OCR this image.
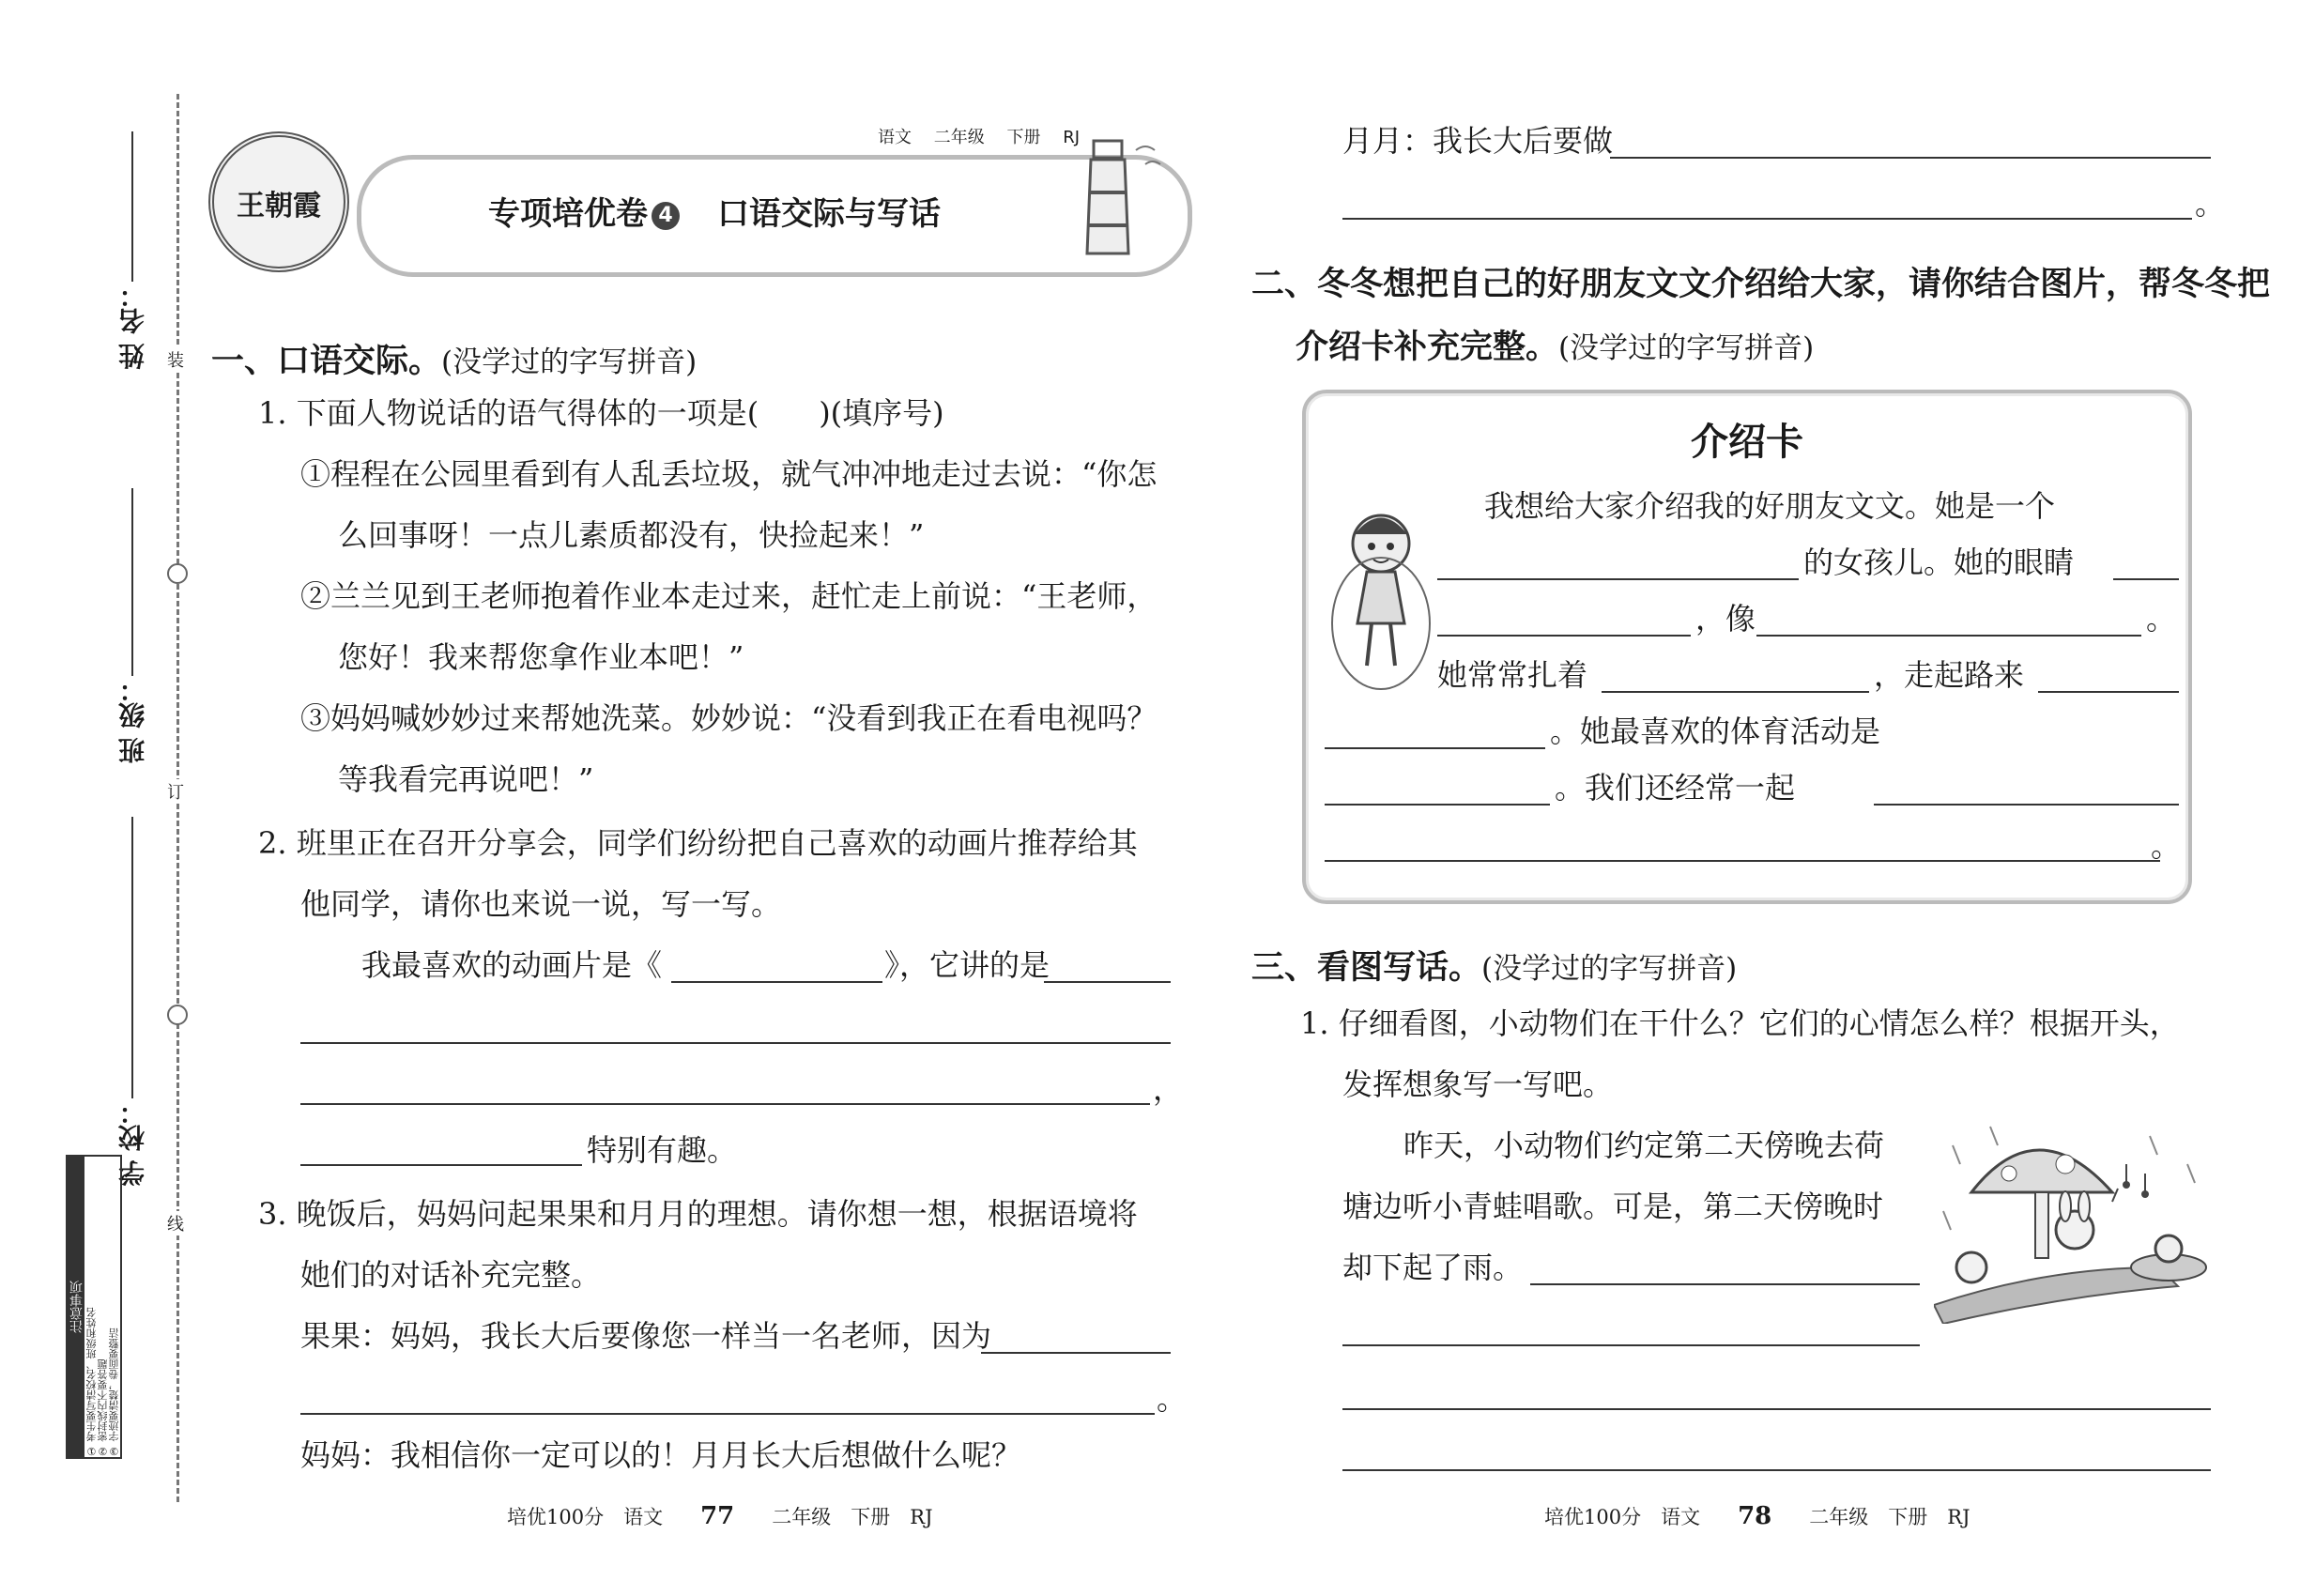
姓 名：
班 级：
学 校：
装
订
线
注意事项
① 考生要写清校名、班级和姓名 ② 密封线内不要答题 ③ 字迹要清楚，卷面要整洁
语文 二年级 下册 RJ
王朝霞	专项培优卷 4 口语交际与写话
一、口语交际。(没学过的字写拼音)
1. 下面人物说话的语气得体的一项是(　　)(填序号)
①程程在公园里看到有人乱丢垃圾，就气冲冲地走过去说：“你怎
么回事呀！一点儿素质都没有，快捡起来！”
②兰兰见到王老师抱着作业本走过来，赶忙走上前说：“王老师，
您好！我来帮您拿作业本吧！”
③妈妈喊妙妙过来帮她洗菜。妙妙说：“没看到我正在看电视吗？
等我看完再说吧！”
2. 班里正在召开分享会，同学们纷纷把自己喜欢的动画片推荐给其
他同学，请你也来说一说，写一写。
我最喜欢的动画片是《	》，它讲的是
，
特别有趣。
3. 晚饭后，妈妈问起果果和月月的理想。请你想一想，根据语境将
她们的对话补充完整。
果果：妈妈，我长大后要像您一样当一名老师，因为
。
妈妈：我相信你一定可以的！月月长大后想做什么呢？
培优100分　语文 77 二年级　下册　RJ
月月：我长大后要做
。
二、冬冬想把自己的好朋友文文介绍给大家，请你结合图片，帮冬冬把
介绍卡补充完整。(没学过的字写拼音)
介绍卡
我想给大家介绍我的好朋友文文。她是一个
的女孩儿。她的眼睛
，像	。
她常常扎着	，走起路来
。她最喜欢的体育活动是
。我们还经常一起
。
三、看图写话。(没学过的字写拼音)
1. 仔细看图，小动物们在干什么？它们的心情怎么样？根据开头，
发挥想象写一写吧。
昨天，小动物们约定第二天傍晚去荷
塘边听小青蛙唱歌。可是，第二天傍晚时
却下起了雨。
培优100分　语文 78 二年级　下册　RJ
